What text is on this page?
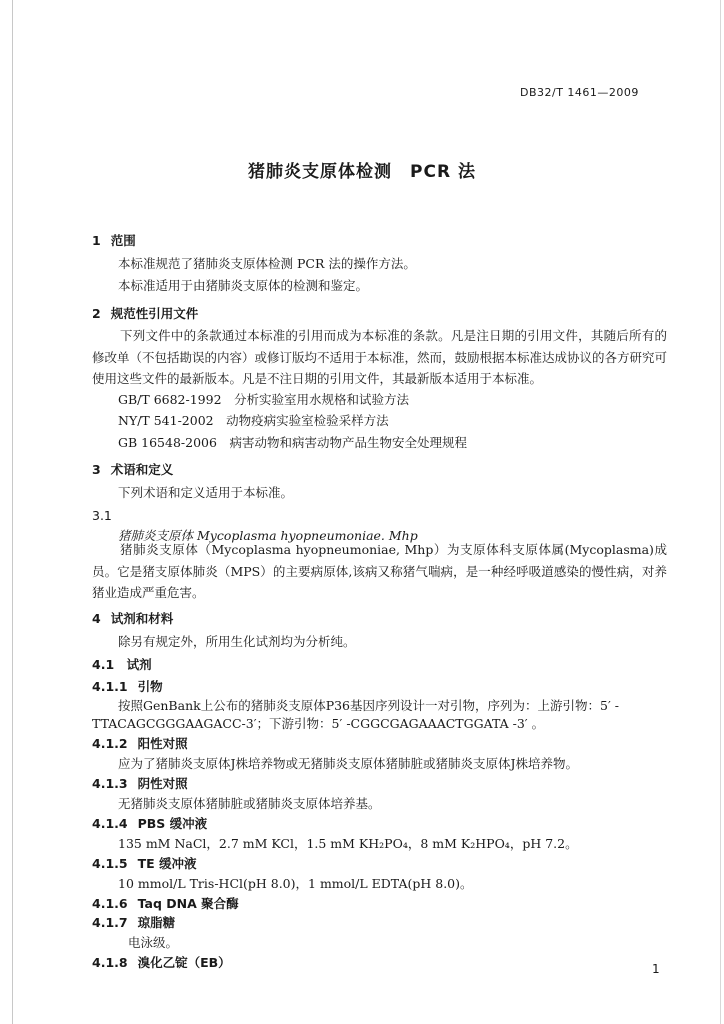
DB32/T 1461—2009
猪肺炎支原体检测　PCR 法
1 范围
本标准规范了猪肺炎支原体检测 PCR 法的操作方法。
本标准适用于由猪肺炎支原体的检测和鉴定。
2 规范性引用文件
下列文件中的条款通过本标准的引用而成为本标准的条款。凡是注日期的引用文件，其随后所有的修改单（不包括勘误的内容）或修订版均不适用于本标准，然而，鼓励根据本标准达成协议的各方研究可使用这些文件的最新版本。凡是不注日期的引用文件，其最新版本适用于本标准。
GB/T 6682-1992　分析实验室用水规格和试验方法
NY/T 541-2002　动物疫病实验室检验采样方法
GB 16548-2006　病害动物和病害动物产品生物安全处理规程
3 术语和定义
下列术语和定义适用于本标准。
3.1
猪肺炎支原体 Mycoplasma hyopneumoniae. Mhp
猪肺炎支原体（Mycoplasma hyopneumoniae, Mhp）为支原体科支原体属(Mycoplasma)成员。它是猪支原体肺炎（MPS）的主要病原体,该病又称猪气喘病，是一种经呼吸道感染的慢性病，对养猪业造成严重危害。
4 试剂和材料
除另有规定外，所用生化试剂均为分析纯。
4.1　试剂
4.1.1 引物
按照GenBank上公布的猪肺炎支原体P36基因序列设计一对引物，序列为：上游引物：5′ -
TTACAGCGGGAAGACC-3′；下游引物：5′ -CGGCGAGAAACTGGATA -3′ 。
4.1.2 阳性对照
应为了猪肺炎支原体J株培养物或无猪肺炎支原体猪肺脏或猪肺炎支原体J株培养物。
4.1.3 阴性对照
无猪肺炎支原体猪肺脏或猪肺炎支原体培养基。
4.1.4 PBS 缓冲液
135 mM NaCl，2.7 mM KCl，1.5 mM KH₂PO₄，8 mM K₂HPO₄，pH 7.2。
4.1.5 TE 缓冲液
10 mmol/L Tris-HCl(pH 8.0)，1 mmol/L EDTA(pH 8.0)。
4.1.6 Taq DNA 聚合酶
4.1.7 琼脂糖
电泳级。
4.1.8 溴化乙锭（EB）	1
